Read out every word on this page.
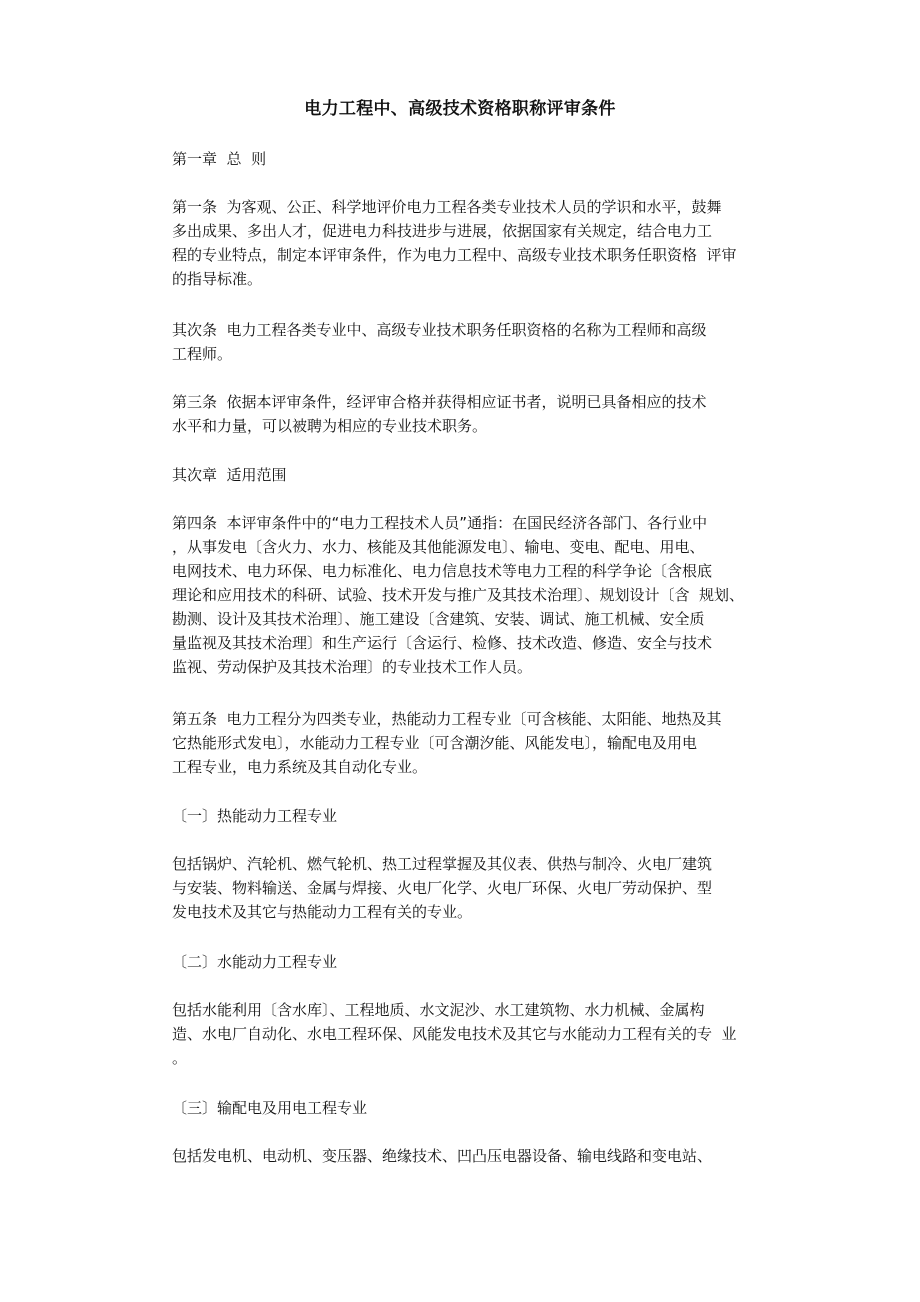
电力工程中、高级技术资格职称评审条件
第一章  总  则
第一条  为客观、公正、科学地评价电力工程各类专业技术人员的学识和水平，鼓舞
多出成果、多出人才，促进电力科技进步与进展，依据国家有关规定，结合电力工
程的专业特点，制定本评审条件，作为电力工程中、高级专业技术职务任职资格  评审
的指导标准。
其次条  电力工程各类专业中、高级专业技术职务任职资格的名称为工程师和高级
工程师。
第三条  依据本评审条件，经评审合格并获得相应证书者，说明已具备相应的技术
水平和力量，可以被聘为相应的专业技术职务。
其次章  适用范围
第四条  本评审条件中的“电力工程技术人员”通指：在国民经济各部门、各行业中
，从事发电〔含火力、水力、核能及其他能源发电〕、输电、变电、配电、用电、
电网技术、电力环保、电力标准化、电力信息技术等电力工程的科学争论〔含根底
理论和应用技术的科研、试验、技术开发与推广及其技术治理〕、规划设计〔含  规划、
勘测、设计及其技术治理〕、施工建设〔含建筑、安装、调试、施工机械、安全质
量监视及其技术治理〕和生产运行〔含运行、检修、技术改造、修造、安全与技术
监视、劳动保护及其技术治理〕的专业技术工作人员。
第五条  电力工程分为四类专业，热能动力工程专业〔可含核能、太阳能、地热及其
它热能形式发电〕，水能动力工程专业〔可含潮汐能、风能发电〕，输配电及用电
工程专业，电力系统及其自动化专业。
〔一〕热能动力工程专业
包括锅炉、汽轮机、燃气轮机、热工过程掌握及其仪表、供热与制冷、火电厂建筑
与安装、物料输送、金属与焊接、火电厂化学、火电厂环保、火电厂劳动保护、型
发电技术及其它与热能动力工程有关的专业。
〔二〕水能动力工程专业
包括水能利用〔含水库〕、工程地质、水文泥沙、水工建筑物、水力机械、金属构
造、水电厂自动化、水电工程环保、风能发电技术及其它与水能动力工程有关的专  业
。
〔三〕输配电及用电工程专业
包括发电机、电动机、变压器、绝缘技术、凹凸压电器设备、输电线路和变电站、
